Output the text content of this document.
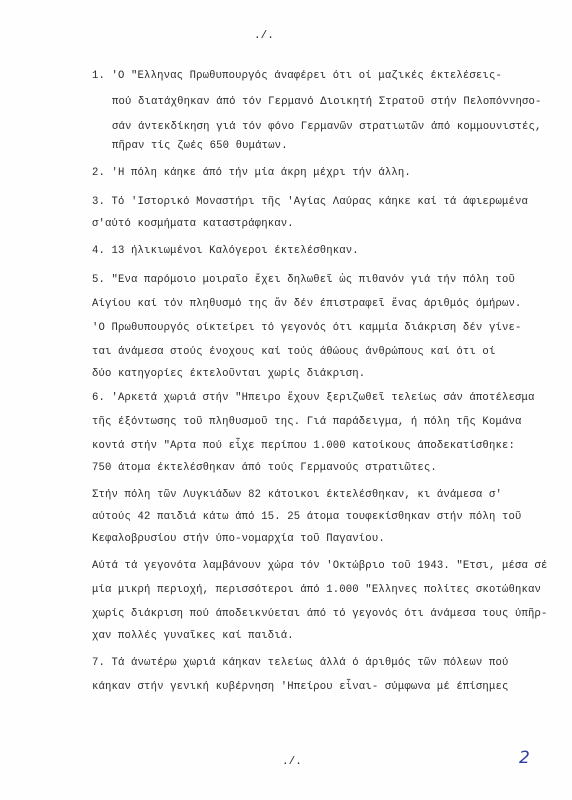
./.
1. 'Ο "Ελληνας Πρωθυπουργός άναφέρει ότι οί μαζικές έκτελέσεις-
πού διατάχθηκαν άπό τόν Γερμανό Διοικητή Στρατοῦ στήν Πελοπόννησο-
σάν άντεκδίκηση γιά τόν φόνο Γερμανῶν στρατιωτῶν άπό κομμουνιστές,
πῆραν τίς ζωές 650 θυμάτων.
2. 'Η πόλη κάηκε άπό τήν μία άκρη μέχρι τήν άλλη.
3. Τό 'Ιστορικό Μοναστήρι τῆς 'Αγίας Λαύρας κάηκε καί τά άφιερωμένα
σ'αύτό κοσμήματα καταστράφηκαν.
4. 13 ήλικιωμένοι Καλόγεροι έκτελέσθηκαν.
5. "Ενα παρόμοιο μοιραῖο ἔχει δηλωθεῖ ὡς πιθανόν γιά τήν πόλη τοῦ
Αίγίου καί τόν πληθυσμό της ἄν δέν έπιστραφεῖ ἕνας άριθμός όμήρων.
'Ο Πρωθυπουργός οίκτείρει τό γεγονός ότι καμμία διάκριση δέν γίνε-
ται άνάμεσα στούς ένοχους καί τούς άθώους άνθρώπους καί ότι οί
δύο κατηγορίες έκτελοῦνται χωρίς διάκριση.
6. 'Αρκετά χωριά στήν "Ηπειρο ἔχουν ξεριζωθεῖ τελείως σάν άποτέλεσμα
τῆς έξόντωσης τοῦ πληθυσμοῦ της. Γιά παράδειγμα, ή πόλη τῆς Κομάνα
κοντά στήν "Αρτα πού εἶχε περίπου 1.000 κατοίκους άποδεκατίσθηκε:
750 άτομα έκτελέσθηκαν άπό τούς Γερμανούς στρατιῶτες.
Στήν πόλη τῶν Λυγκιάδων 82 κάτοικοι έκτελέσθηκαν, κι άνάμεσα σ'
αύτούς 42 παιδιά κάτω άπό 15. 25 άτομα τουφεκίσθηκαν στήν πόλη τοῦ
Κεφαλοβρυσίου στήν ύπο-νομαρχία τοῦ Παγανίου.
Αύτά τά γεγονότα λαμβάνουν χώρα τόν 'Οκτώβριο τοῦ 1943. "Ετσι, μέσα σέ
μία μικρή περιοχή, περισσότεροι άπό 1.000 "Ελληνες πολίτες σκοτώθηκαν
χωρίς διάκριση πού άποδεικνύεται άπό τό γεγονός ότι άνάμεσα τους ύπῆρ-
χαν πολλές γυναῖκες καί παιδιά.
7. Τά άνωτέρω χωριά κάηκαν τελείως άλλά ό άριθμός τῶν πόλεων πού
κάηκαν στήν γενική κυβέρνηση 'Ηπείρου εἶναι- σύμφωνα μέ έπίσημες
./.	2
